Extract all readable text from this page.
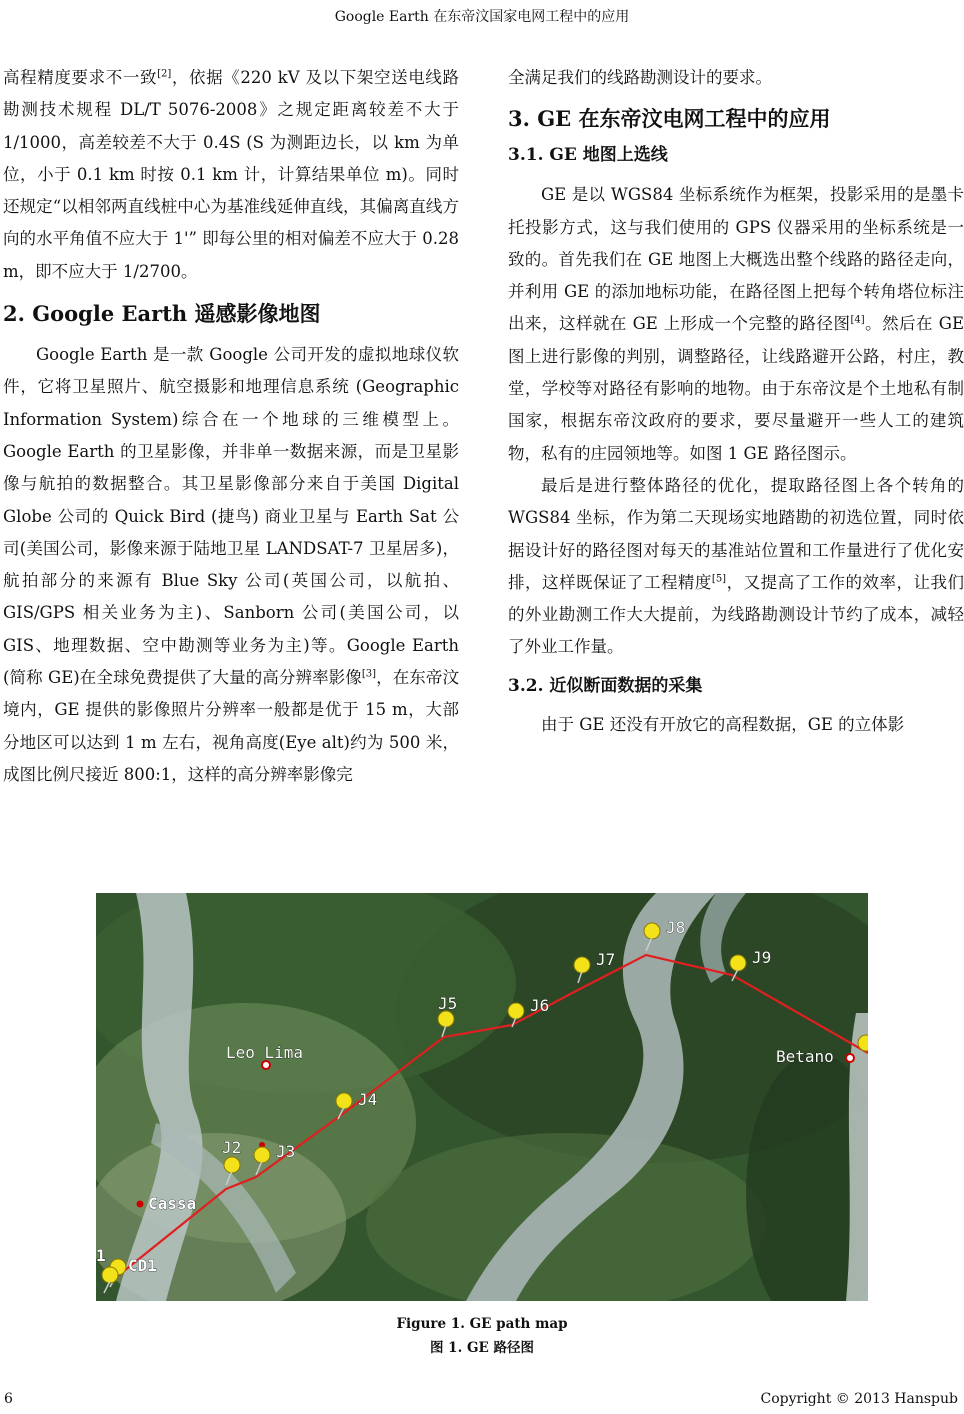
Google Earth 在东帝汶国家电网工程中的应用

高程精度要求不一致[2]，依据《220 kV 及以下架空送电线路勘测技术规程 DL/T 5076-2008》之规定距离较差不大于 1/1000，高差较差不大于 0.4S (S 为测距边长，以 km 为单位，小于 0.1 km 时按 0.1 km 计，计算结果单位 m)。同时还规定“以相邻两直线桩中心为基准线延伸直线，其偏离直线方向的水平角值不应大于 1'” 即每公里的相对偏差不应大于 0.28 m，即不应大于 1/2700。

2. Google Earth 遥感影像地图

Google Earth 是一款 Google 公司开发的虚拟地球仪软件，它将卫星照片、航空摄影和地理信息系统 (Geographic Information System)综合在一个地球的三维模型上。Google Earth 的卫星影像，并非单一数据来源，而是卫星影像与航拍的数据整合。其卫星影像部分来自于美国 Digital Globe 公司的 Quick Bird (捷鸟) 商业卫星与 Earth Sat 公司(美国公司，影像来源于陆地卫星 LANDSAT-7 卫星居多)，航拍部分的来源有 Blue Sky 公司(英国公司，以航拍、GIS/GPS 相关业务为主)、Sanborn 公司(美国公司，以 GIS、地理数据、空中勘测等业务为主)等。Google Earth (简称 GE)在全球免费提供了大量的高分辨率影像[3]，在东帝汶境内，GE 提供的影像照片分辨率一般都是优于 15 m，大部分地区可以达到 1 m 左右，视角高度(Eye alt)约为 500 米，成图比例尺接近 800:1，这样的高分辨率影像完

全满足我们的线路勘测设计的要求。

3. GE 在东帝汶电网工程中的应用
3.1. GE 地图上选线

GE 是以 WGS84 坐标系统作为框架，投影采用的是墨卡托投影方式，这与我们使用的 GPS 仪器采用的坐标系统是一致的。首先我们在 GE 地图上大概选出整个线路的路径走向，并利用 GE 的添加地标功能，在路径图上把每个转角塔位标注出来，这样就在 GE 上形成一个完整的路径图[4]。然后在 GE 图上进行影像的判别，调整路径，让线路避开公路，村庄，教堂，学校等对路径有影响的地物。由于东帝汶是个土地私有制国家，根据东帝汶政府的要求，要尽量避开一些人工的建筑物，私有的庄园领地等。如图 1 GE 路径图示。

最后是进行整体路径的优化，提取路径图上各个转角的 WGS84 坐标，作为第二天现场实地踏勘的初选位置，同时依据设计好的路径图对每天的基准站位置和工作量进行了优化安排，这样既保证了工程精度[5]，又提高了工作的效率，让我们的外业勘测工作大大提前，为线路勘测设计节约了成本，减轻了外业工作量。

3.2. 近似断面数据的采集

由于 GE 还没有开放它的高程数据，GE 的立体影

Leo Lima
Cassa
Betano
CD1
1
J2 J3
J4
J5	J6
J7
J8
J9
Figure 1. GE path map
图 1. GE 路径图
6	Copyright © 2013 Hanspub
